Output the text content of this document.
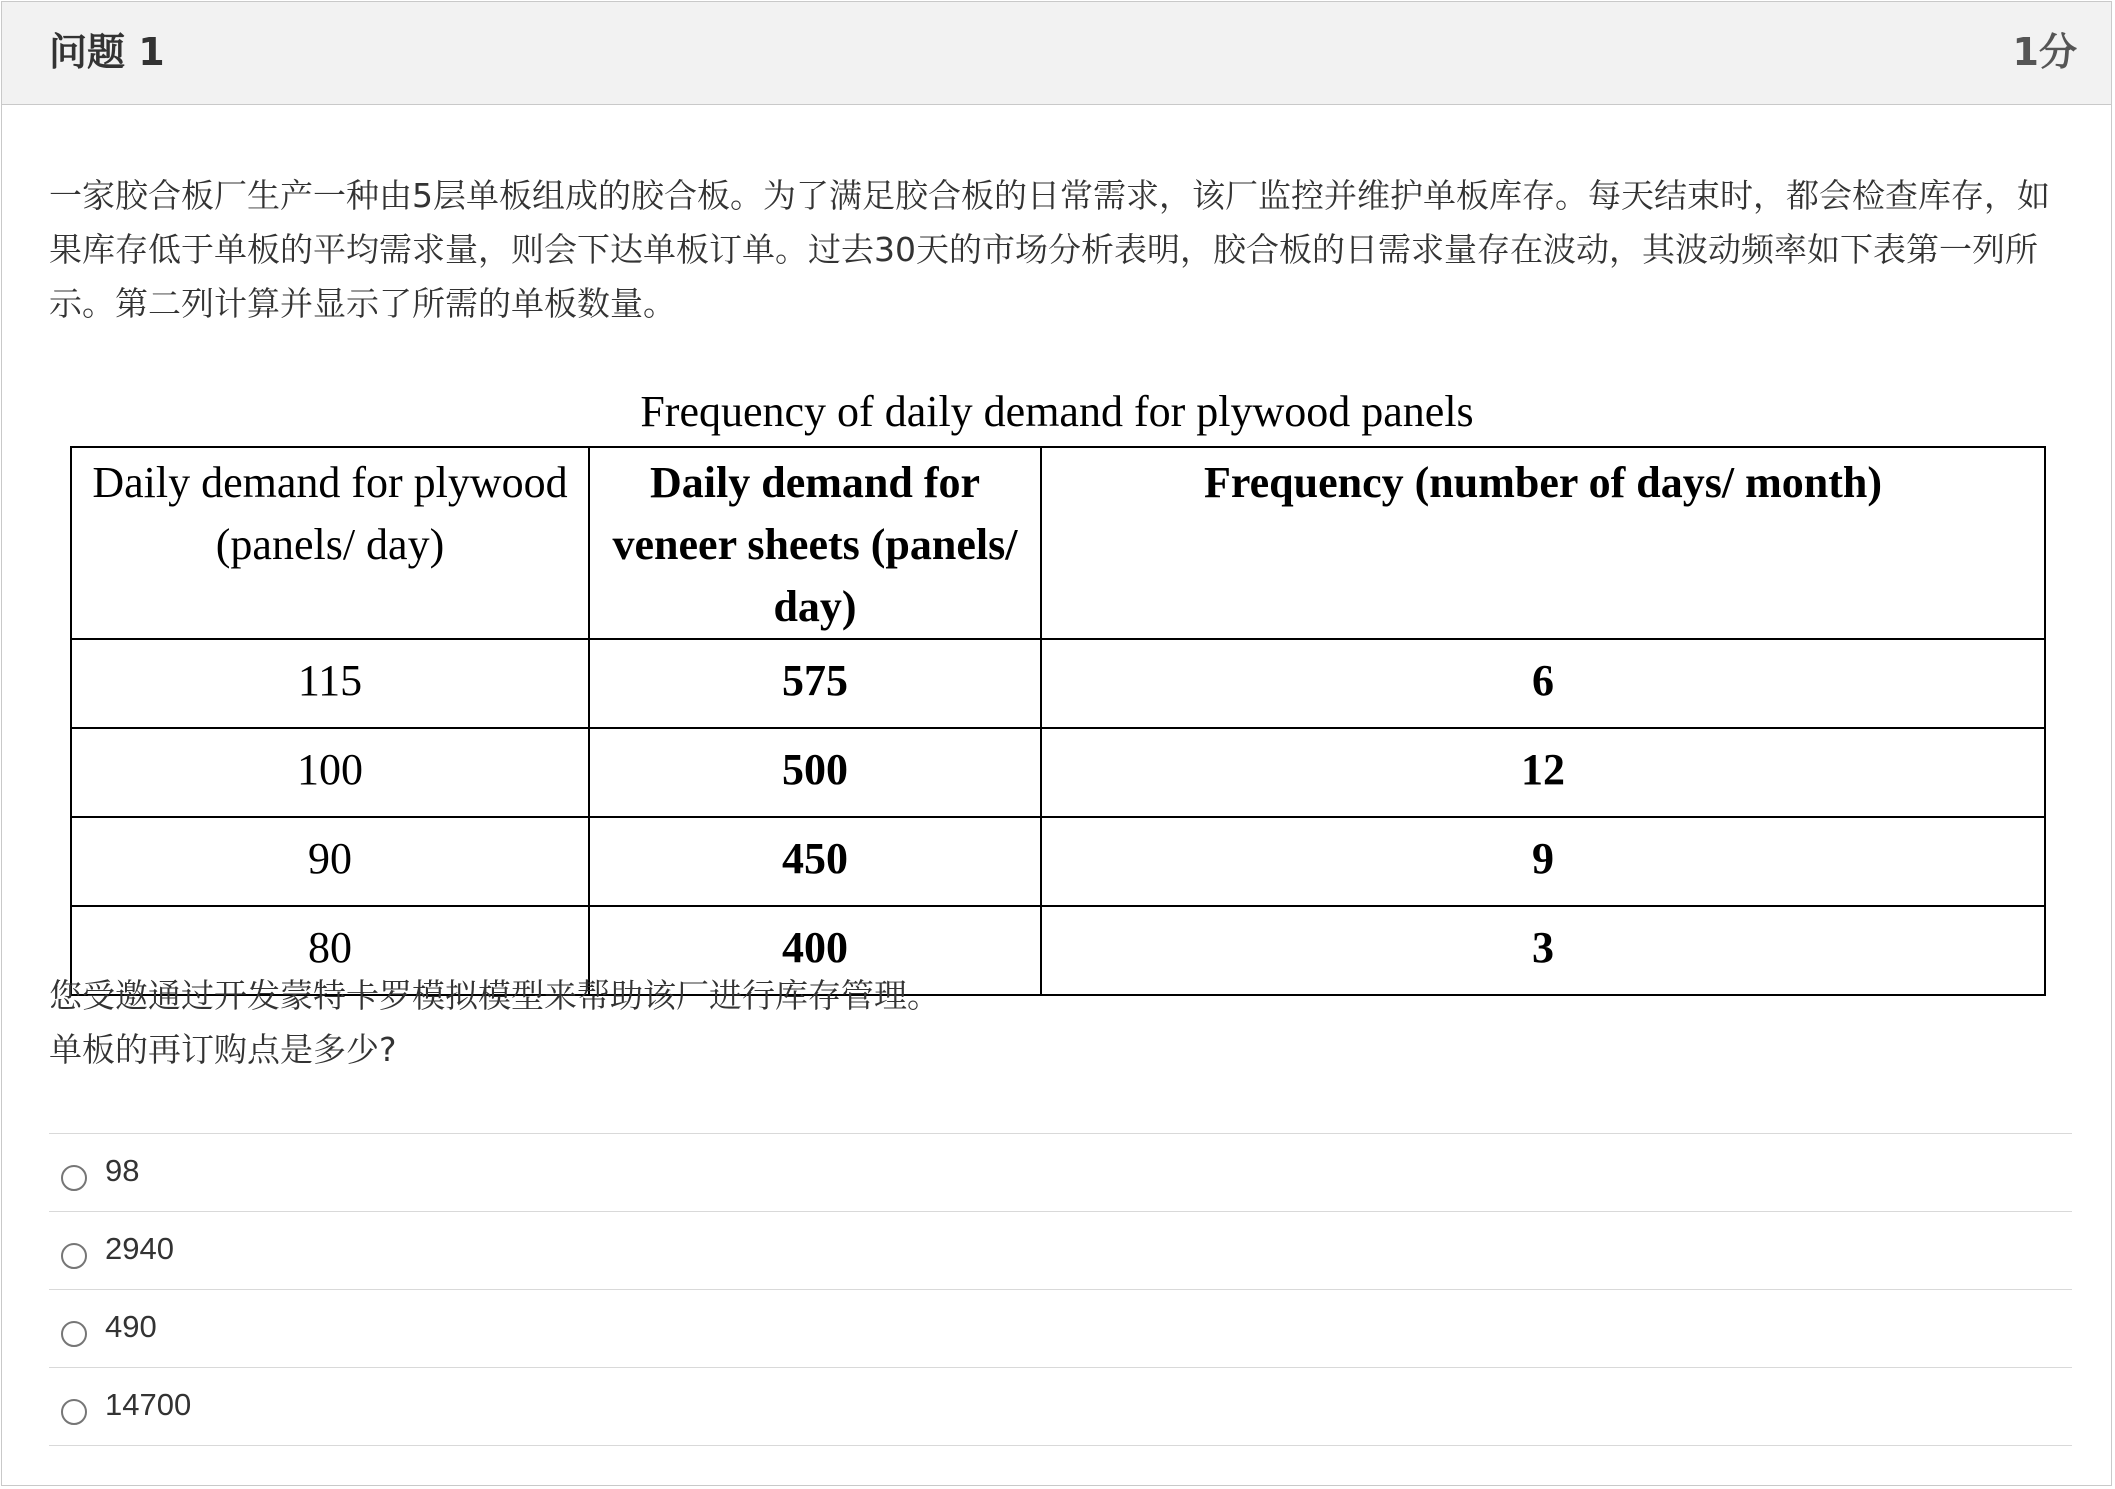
问题 1	1分
一家胶合板厂生产一种由5层单板组成的胶合板。为了满足胶合板的日常需求，该厂监控并维护单板库存。每天结束时，都会检查库存，如果库存低于单板的平均需求量，则会下达单板订单。过去30天的市场分析表明，胶合板的日需求量存在波动，其波动频率如下表第一列所示。第二列计算并显示了所需的单板数量。
Frequency of daily demand for plywood panels
Daily demand for plywood (panels/ day)	Daily demand for veneer sheets (panels/ day)	Frequency (number of days/ month)
115	575	6
100	500	12
90	450	9
80	400	3
您受邀通过开发蒙特卡罗模拟模型来帮助该厂进行库存管理。
单板的再订购点是多少?
98
2940
490
14700
